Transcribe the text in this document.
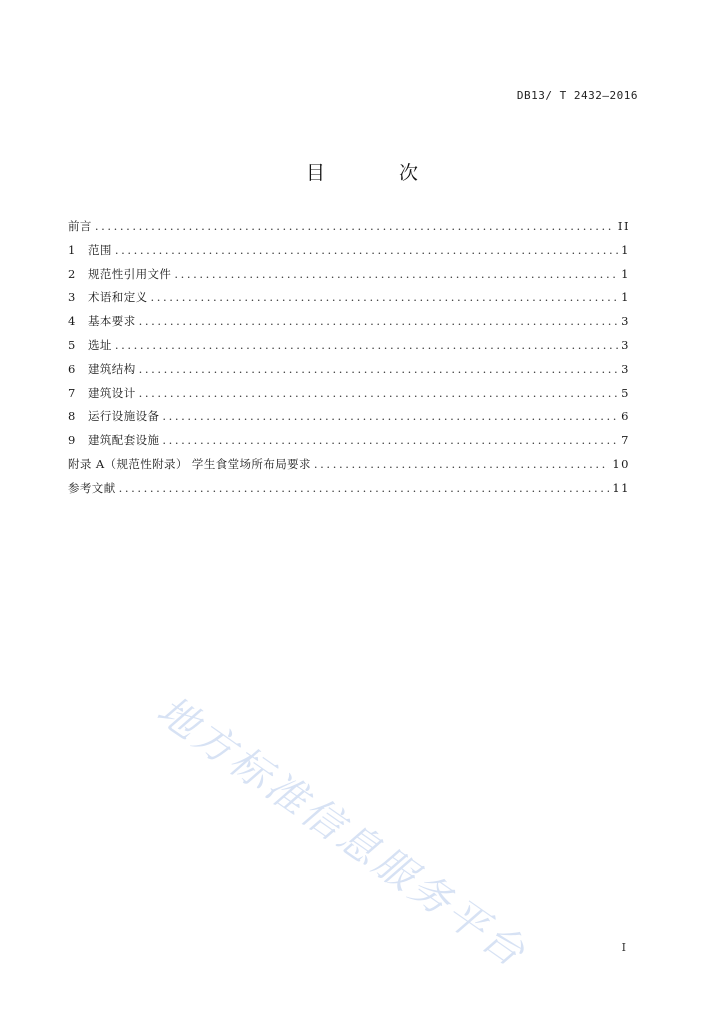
DB13/ T 2432—2016
目 次
前言 .....	II
1	范围 .....	1
2	规范性引用文件 .....	1
3	术语和定义 .....	1
4	基本要求 .....	3
5	选址 .....	3
6	建筑结构 .....	3
7	建筑设计 .....	5
8	运行设施设备 .....	6
9	建筑配套设施 .....	7
附录 A（规范性附录） 学生食堂场所布局要求 .....	10
参考文献 .....	11
地方标准信息服务平台	I
